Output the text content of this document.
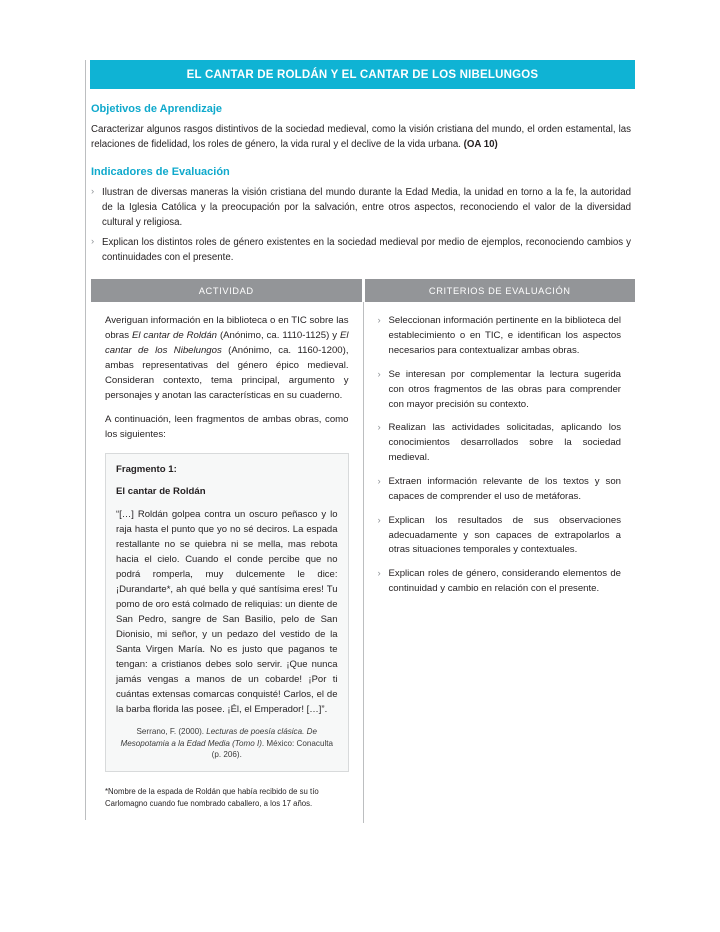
EL CANTAR DE ROLDÁN Y EL CANTAR DE LOS NIBELUNGOS
Objetivos de Aprendizaje

Caracterizar algunos rasgos distintivos de la sociedad medieval, como la visión cristiana del mundo, el orden estamental, las relaciones de fidelidad, los roles de género, la vida rural y el declive de la vida urbana. (OA 10)

Indicadores de Evaluación
› Ilustran de diversas maneras la visión cristiana del mundo durante la Edad Media, la unidad en torno a la fe, la autoridad de la Iglesia Católica y la preocupación por la salvación, entre otros aspectos, reconociendo el valor de la diversidad cultural y religiosa.
› Explican los distintos roles de género existentes en la sociedad medieval por medio de ejemplos, reconociendo cambios y continuidades con el presente.
ACTIVIDAD	CRITERIOS DE EVALUACIÓN

Averiguan información en la biblioteca o en TIC sobre las obras El cantar de Roldán (Anónimo, ca. 1110-1125) y El cantar de los Nibelungos (Anónimo, ca. 1160-1200), ambas representativas del género épico medieval. Consideran contexto, tema principal, argumento y personajes y anotan las características en su cuaderno.

A continuación, leen fragmentos de ambas obras, como los siguientes:

Fragmento 1:
El cantar de Roldán

“[…] Roldán golpea contra un oscuro peñasco y lo raja hasta el punto que yo no sé deciros. La espada restallante no se quiebra ni se mella, mas rebota hacia el cielo. Cuando el conde percibe que no podrá romperla, muy dulcemente le dice: ¡Durandarte*, ah qué bella y qué santísima eres! Tu pomo de oro está colmado de reliquias: un diente de San Pedro, sangre de San Basilio, pelo de San Dionisio, mi señor, y un pedazo del vestido de la Santa Virgen María. No es justo que paganos te tengan: a cristianos debes solo servir. ¡Que nunca jamás vengas a manos de un cobarde! ¡Por ti cuántas extensas comarcas conquisté! Carlos, el de la barba florida las posee. ¡Él, el Emperador! […]”.

Serrano, F. (2000). Lecturas de poesía clásica. De Mesopotamia a la Edad Media (Tomo I). México: Conaculta (p. 206).

*Nombre de la espada de Roldán que había recibido de su tío Carlomagno cuando fue nombrado caballero, a los 17 años.

› Seleccionan información pertinente en la biblioteca del establecimiento o en TIC, e identifican los aspectos necesarios para contextualizar ambas obras.
› Se interesan por complementar la lectura sugerida con otros fragmentos de las obras para comprender con mayor precisión su contexto.
› Realizan las actividades solicitadas, aplicando los conocimientos desarrollados sobre la sociedad medieval.
› Extraen información relevante de los textos y son capaces de comprender el uso de metáforas.
› Explican los resultados de sus observaciones adecuadamente y son capaces de extrapolarlos a otras situaciones temporales y contextuales.
› Explican roles de género, considerando elementos de continuidad y cambio en relación con el presente.
